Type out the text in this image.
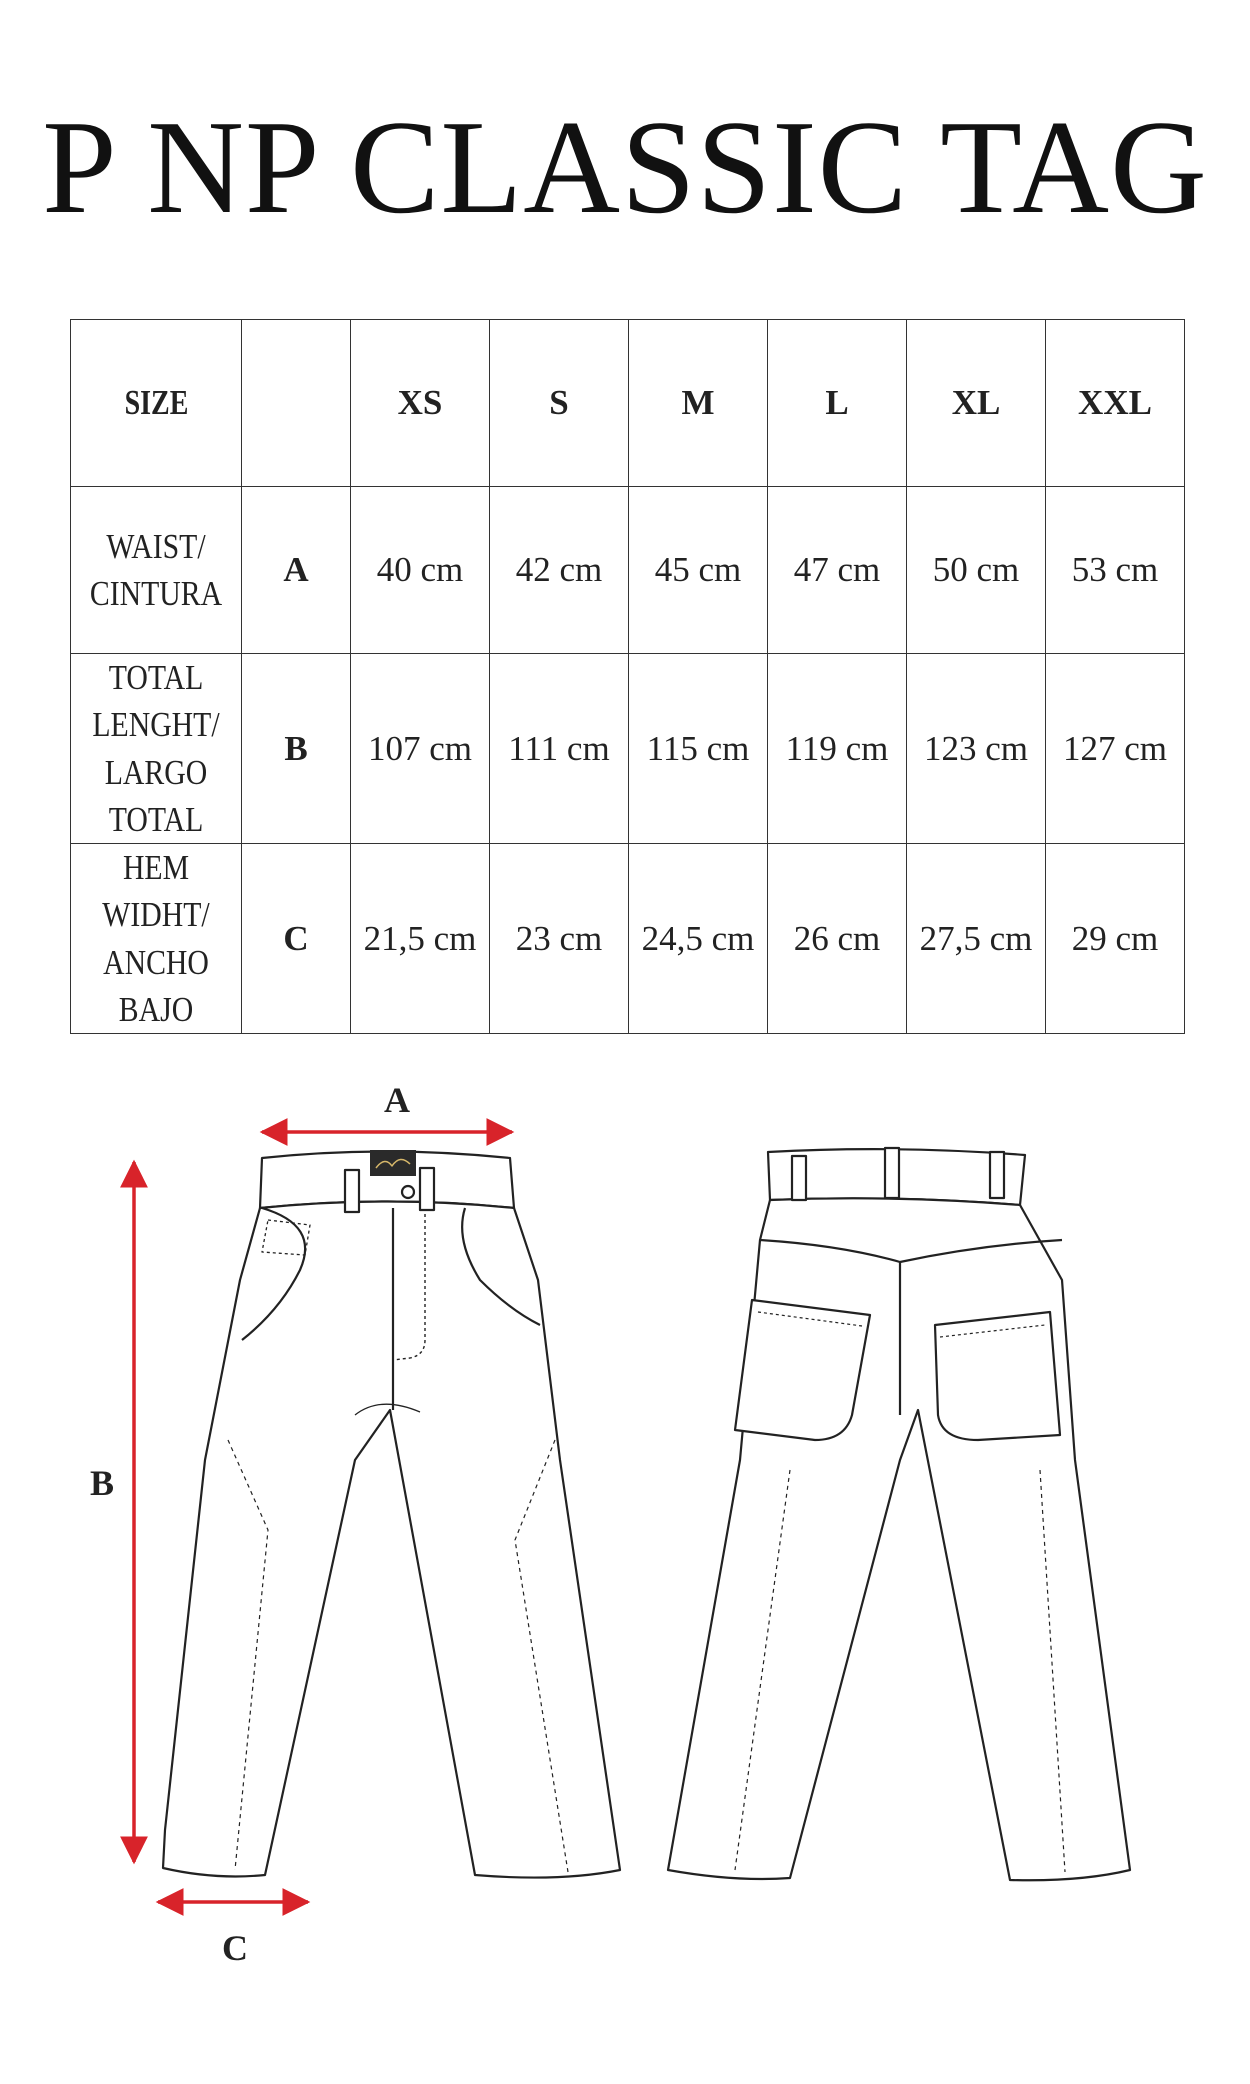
P NP CLASSIC TAG
SIZE		XS	S	M	L	XL	XXL

WAIST/
CINTURA	A	40 cm	42 cm	45 cm	47 cm	50 cm	53 cm

TOTAL LENGHT/
LARGO TOTAL	B	107 cm	111 cm	115 cm	119 cm	123 cm	127 cm

HEM WIDHT/
ANCHO BAJO	C	21,5 cm	23 cm	24,5 cm	26 cm	27,5 cm	29 cm
A
B
C
